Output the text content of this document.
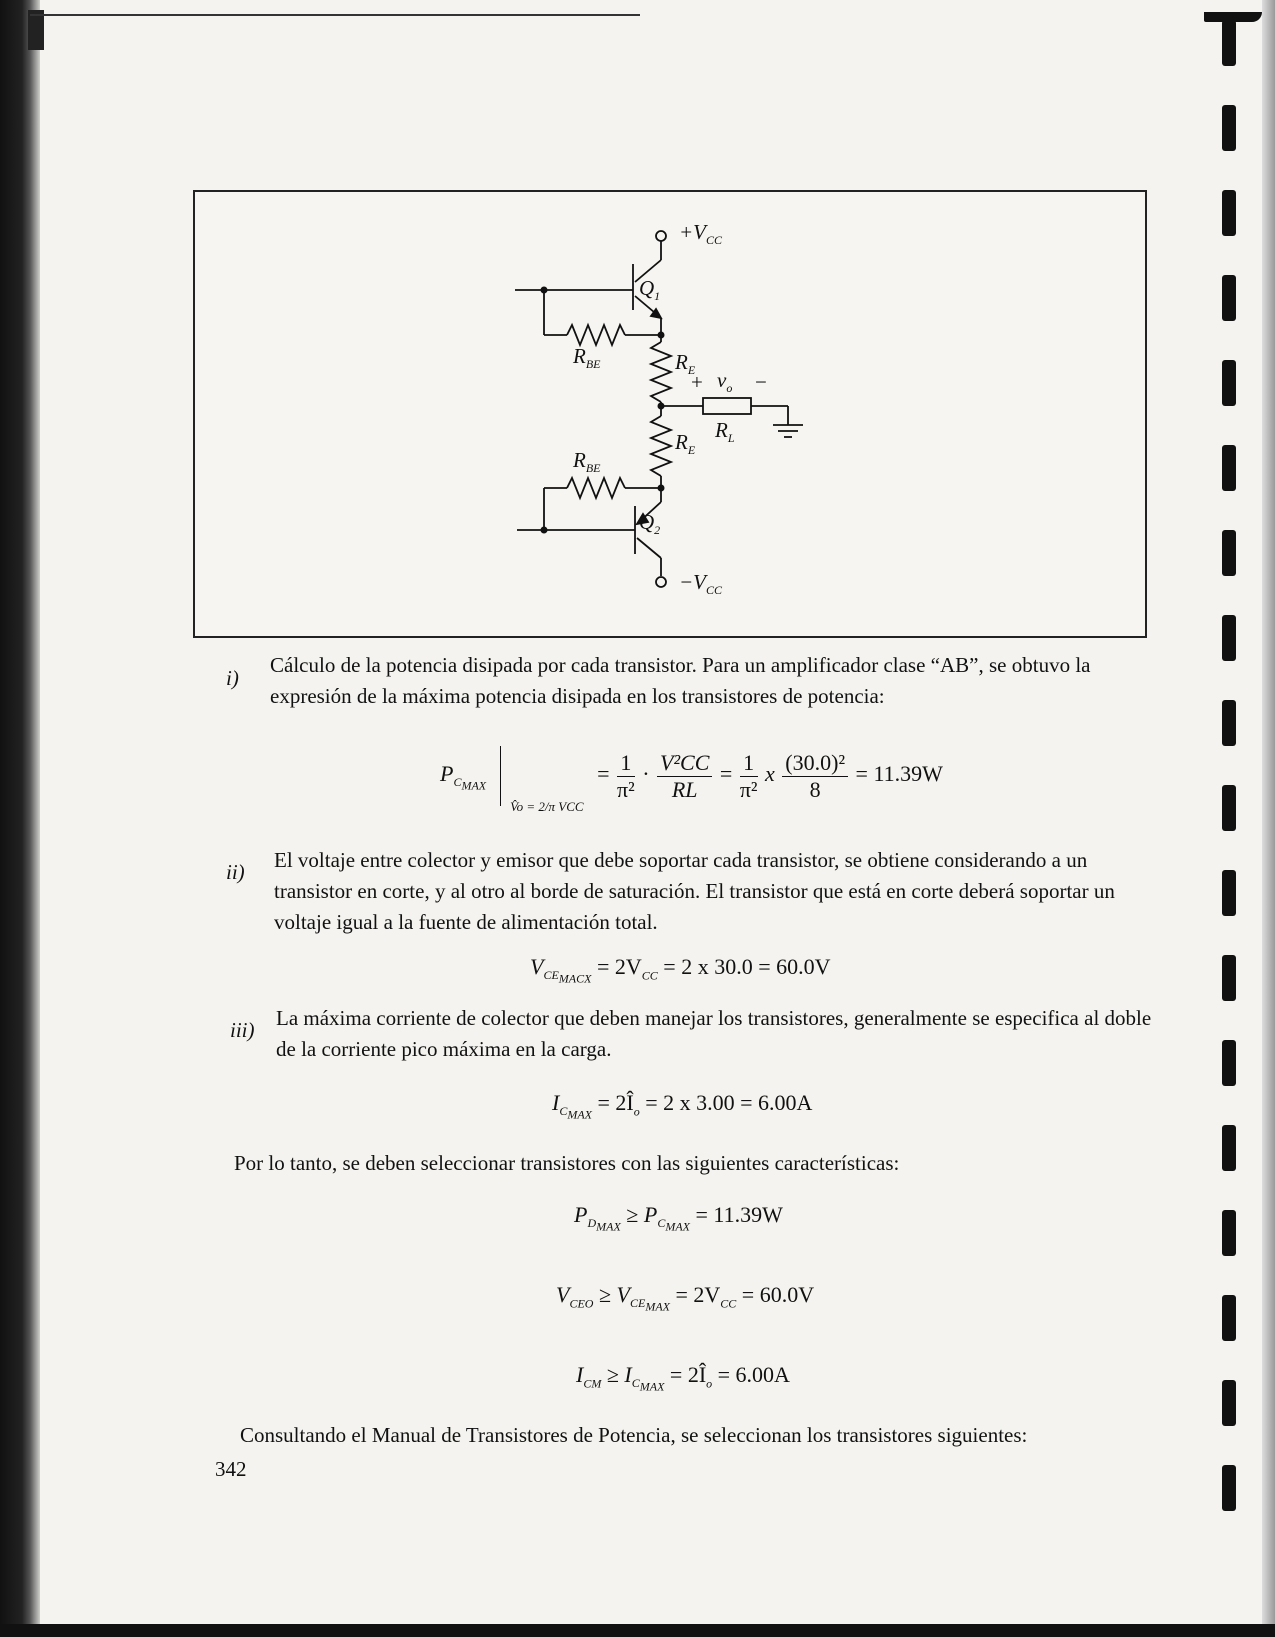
$+V_{CC}$
$Q_1$
$R_{BE}$	$R_E$
+ $v_o$ −
$R_L$
$R_E$
$R_{BE}$
$Q_2$
$-V_{CC}$
i)

Cálculo de la potencia disipada por cada transistor. Para un amplificador clase “AB”, se obtuvo la expresión de la máxima potencia disipada en los transistores de potencia:

$P_{C_{MAX}}$  $_{V̂o = 2/\pi VCC} = \frac{1}{\text{π²}} \cdot \frac{\text{V²CC}}{RL} = \frac{1}{\text{π²}}$ x $\frac{\text{(30.0)²}}{8} = 11.39W$
ii) El voltaje entre colector y emisor que debe soportar cada transistor, se obtiene considerando a un transistor en corte, y al otro al borde de saturación. El transistor que está en corte deberá soportar un voltaje igual a la fuente de alimentación total.

$V_{CE_{MACX}} = 2V_{CC} = 2$ x 30.0 = 60.0V
iii) La máxima corriente de colector que deben manejar los transistores, generalmente se especifica al doble de la corriente pico máxima en la carga.

$I_{C_{MAX}}$ = $2Î_o = 2$ x 3.00 = 6.00A

Por lo tanto, se deben seleccionar transistores con las siguientes características:

$P_{D_{MAX}} \ge P_{C_{MAX}} = 11.39W$
$V_{CEO} \ge V_{CE_{MAX}} = 2V_{CC} = 60.0V$
$I_{CM} \ge I_{C_{MAX}}$ = $2Î_o = 6.00A$

Consultando el Manual de Transistores de Potencia, se seleccionan los transistores siguientes:

342
